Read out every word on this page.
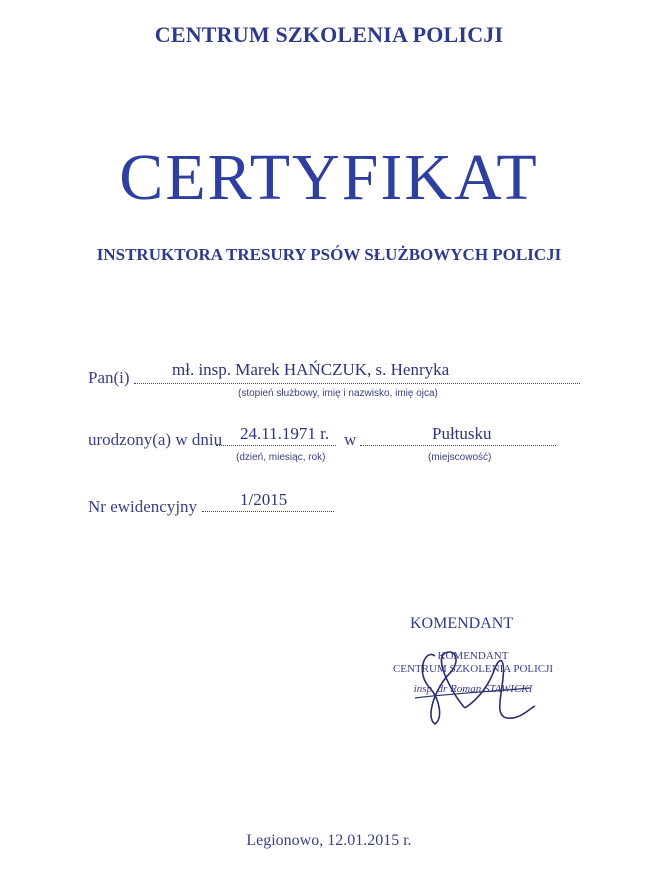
CENTRUM SZKOLENIA POLICJI
CERTYFIKAT
INSTRUKTORA TRESURY PSÓW SŁUŻBOWYCH POLICJI
Pan(i) mł. insp. Marek HAŃCZUK, s. Henryka
(stopień służbowy, imię i nazwisko, imię ojca)
urodzony(a) w dniu 24.11.1971 r.
(dzień, miesiąc, rok)
w	Pułtusku
(miejscowość)
Nr ewidencyjny	1/2015
KOMENDANT
KOMENDANT
CENTRUM SZKOLENIA POLICJI
insp. dr Roman STAWICKI
Legionowo, 12.01.2015 r.
